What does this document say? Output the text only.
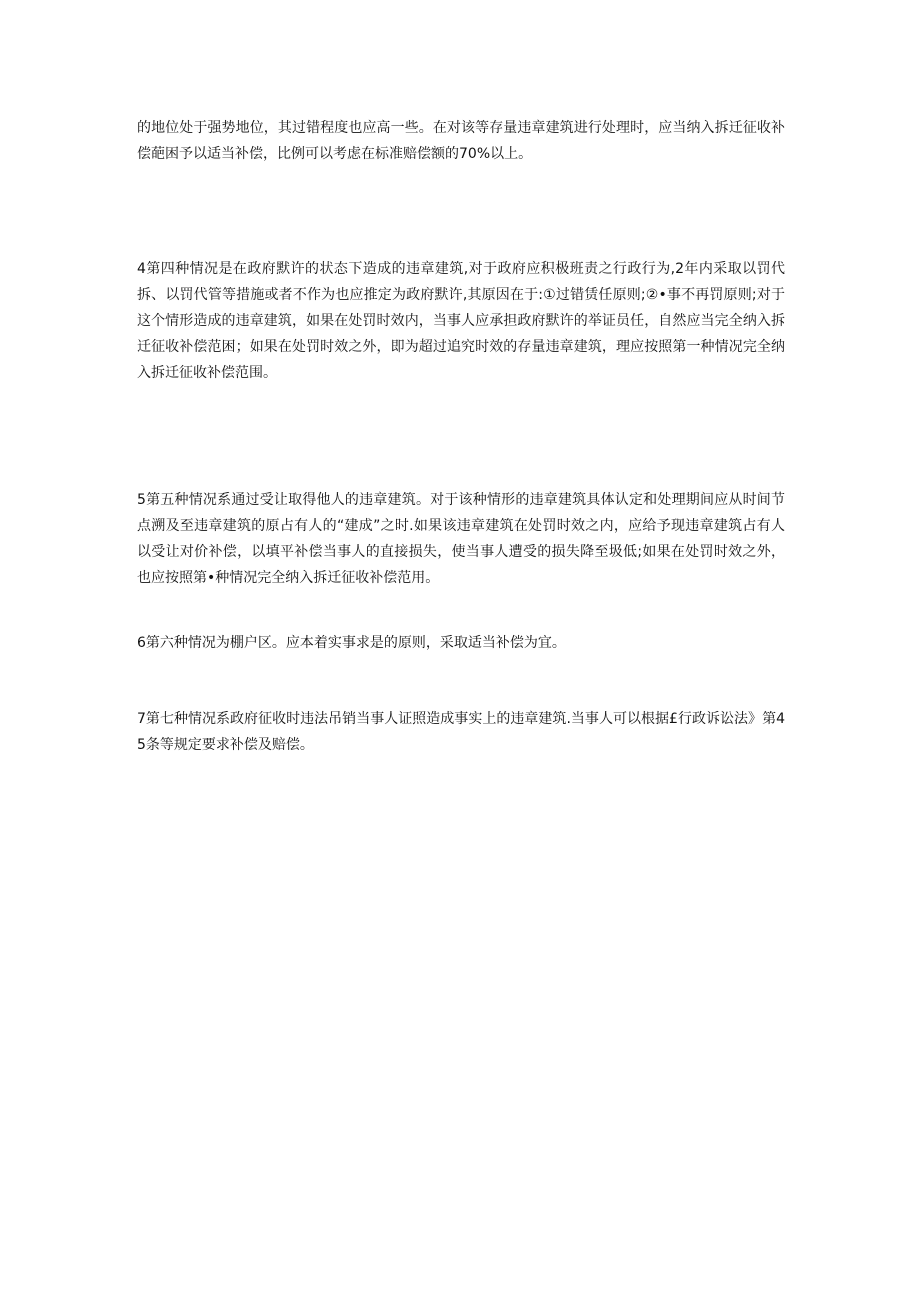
的地位处于强势地位，其过错程度也应高一些。在对该等存量违章建筑进行处理时，应当纳入拆迁征收补偿葩困予以适当补偿，比例可以考虑在标准赔偿额的70%以上。

4第四种情况是在政府默许的状态下造成的违章建筑,对于政府应积极班责之行政行为,2年内采取以罚代拆、以罚代管等措施或者不作为也应推定为政府默许,其原因在于:①过错赁任原则;②•事不再罚原则;对于这个情形造成的违章建筑，如果在处罚时效内，当事人应承担政府默许的举证员任，自然应当完全纳入拆迁征收补偿范困；如果在处罚时效之外，即为超过追究时效的存量违章建筑，理应按照第一种情况完全纳入拆迁征收补偿范围。

5第五种情况系通过受让取得他人的违章建筑。对于该种情形的违章建筑具体认定和处理期间应从时间节点溯及至违章建筑的原占有人的“建成”之时.如果该违章建筑在处罚时效之内，应给予现违章建筑占有人以受让对价补偿，以填平补偿当事人的直接损失，使当事人遭受的损失降至圾低;如果在处罚时效之外，也应按照第•种情况完全纳入拆迁征收补偿范用。

6第六种情况为棚户区。应本着实事求是的原则，采取适当补偿为宜。

7第七种情况系政府征收时违法吊销当事人证照造成事实上的违章建筑.当事人可以根据£行政诉讼法》第45条等规定要求补偿及赔偿。
